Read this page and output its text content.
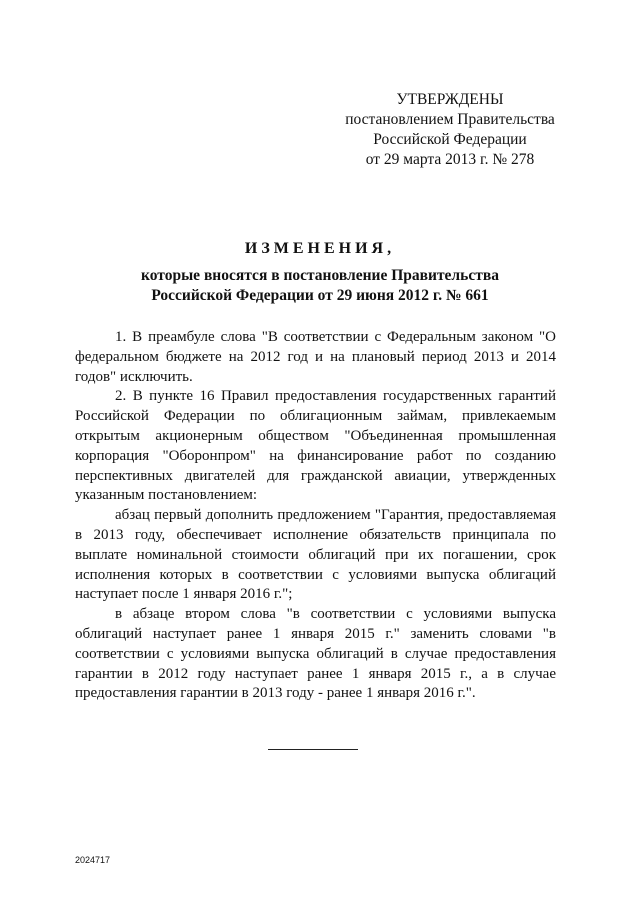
УТВЕРЖДЕНЫ
постановлением Правительства
Российской Федерации
от 29 марта 2013 г. № 278
ИЗМЕНЕНИЯ,
которые вносятся в постановление Правительства
Российской Федерации от 29 июня 2012 г. № 661

1. В преамбуле слова "В соответствии с Федеральным законом "О федеральном бюджете на 2012 год и на плановый период 2013 и 2014 годов" исключить.

2. В пункте 16 Правил предоставления государственных гарантий Российской Федерации по облигационным займам, привлекаемым открытым акционерным обществом "Объединенная промышленная корпорация "Оборонпром" на финансирование работ по созданию перспективных двигателей для гражданской авиации, утвержденных указанным постановлением:

абзац первый дополнить предложением "Гарантия, предоставляемая в 2013 году, обеспечивает исполнение обязательств принципала по выплате номинальной стоимости облигаций при их погашении, срок исполнения которых в соответствии с условиями выпуска облигаций наступает после 1 января 2016 г.";

в абзаце втором слова "в соответствии с условиями выпуска облигаций наступает ранее 1 января 2015 г." заменить словами "в соответствии с условиями выпуска облигаций в случае предоставления гарантии в 2012 году наступает ранее 1 января 2015 г., а в случае предоставления гарантии в 2013 году - ранее 1 января 2016 г.".

2024717
